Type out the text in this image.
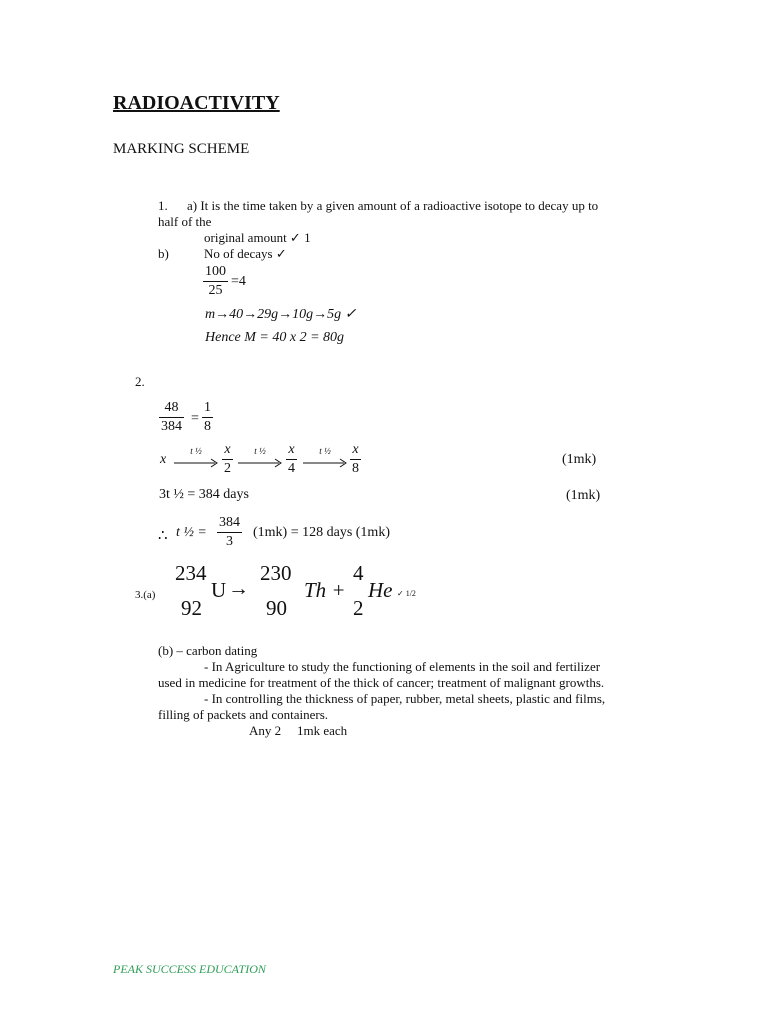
RADIOACTIVITY
MARKING SCHEME
1. a) It is the time taken by a given amount of a radioactive isotope to decay up to
half of the
original amount ✓ 1
b)	No of decays ✓
100
25
=4
m→40→29g→10g→5g ✓
Hence M = 40 x 2 = 80g
2.
48
384
=
1
8
x
t ½	x
2
t ½	x
4
t ½	x
8
(1mk)
3t ½ = 384 days	(1mk)
∴ t ½ =
384
3
(1mk) = 128 days (1mk)
3.(a)
234
92
U →
230
90
Th +
4
2
He ✓ 1/2
(b) – carbon dating
- In Agriculture to study the functioning of elements in the soil and fertilizer
used in medicine for treatment of the thick of cancer; treatment of malignant growths.
- In controlling the thickness of paper, rubber, metal sheets, plastic and films,
filling of packets and containers.
Any 2 1mk each
PEAK SUCCESS EDUCATION
